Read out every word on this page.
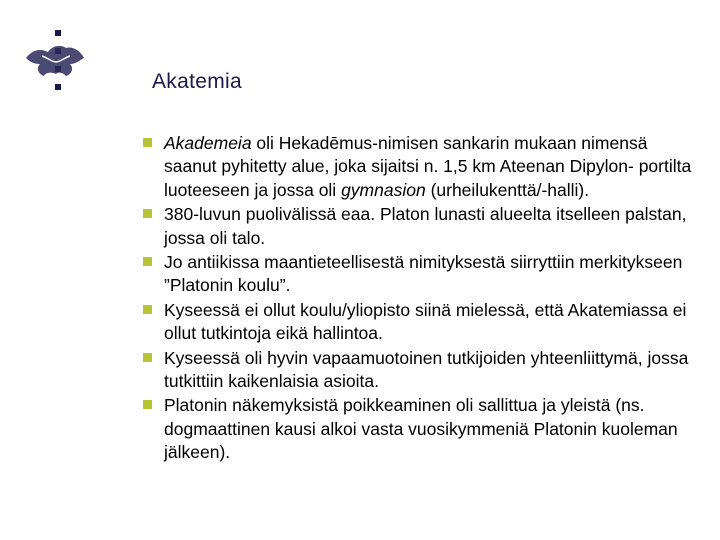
Akatemia
Akademeia oli Hekadēmus-nimisen sankarin mukaan nimensä saanut pyhitetty alue, joka sijaitsi n. 1,5 km Ateenan Dipylon- portilta luoteeseen ja jossa oli gymnasion (urheilukenttä/-halli).
380-luvun puolivälissä eaa. Platon lunasti alueelta itselleen palstan, jossa oli talo.
Jo antiikissa maantieteellisestä nimityksestä siirryttiin merkitykseen ”Platonin koulu”.
Kyseessä ei ollut koulu/yliopisto siinä mielessä, että Akatemiassa ei ollut tutkintoja eikä hallintoa.
Kyseessä oli hyvin vapaamuotoinen tutkijoiden yhteenliittymä, jossa tutkittiin kaikenlaisia asioita.
Platonin näkemyksistä poikkeaminen oli sallittua ja yleistä (ns. dogmaattinen kausi alkoi vasta vuosikymmeniä Platonin kuoleman jälkeen).
